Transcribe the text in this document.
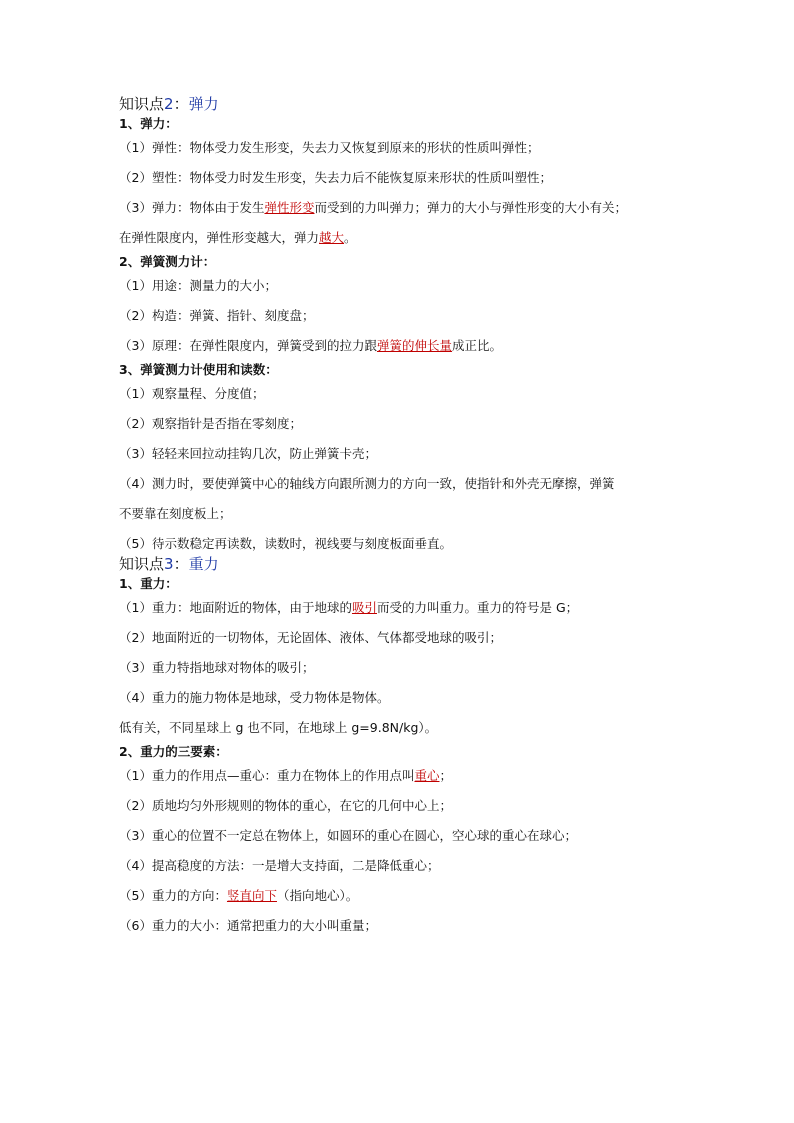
知识点2：弹力
1、弹力：
（1）弹性：物体受力发生形变，失去力又恢复到原来的形状的性质叫弹性；
（2）塑性：物体受力时发生形变，失去力后不能恢复原来形状的性质叫塑性；
（3）弹力：物体由于发生弹性形变而受到的力叫弹力；弹力的大小与弹性形变的大小有关；
在弹性限度内，弹性形变越大，弹力越大。
2、弹簧测力计：
（1）用途：测量力的大小；
（2）构造：弹簧、指针、刻度盘；
（3）原理：在弹性限度内，弹簧受到的拉力跟弹簧的伸长量成正比。
3、弹簧测力计使用和读数：
（1）观察量程、分度值；
（2）观察指针是否指在零刻度；
（3）轻轻来回拉动挂钩几次，防止弹簧卡壳；
（4）测力时，要使弹簧中心的轴线方向跟所测力的方向一致，使指针和外壳无摩擦，弹簧
不要靠在刻度板上；
（5）待示数稳定再读数，读数时，视线要与刻度板面垂直。
知识点3：重力
1、重力：
（1）重力：地面附近的物体，由于地球的吸引而受的力叫重力。重力的符号是 G；
（2）地面附近的一切物体，无论固体、液体、气体都受地球的吸引；
（3）重力特指地球对物体的吸引；
（4）重力的施力物体是地球，受力物体是物体。
低有关，不同星球上 g 也不同，在地球上 g=9.8N/kg）。
2、重力的三要素：
（1）重力的作用点—重心：重力在物体上的作用点叫重心；
（2）质地均匀外形规则的物体的重心，在它的几何中心上；
（3）重心的位置不一定总在物体上，如圆环的重心在圆心，空心球的重心在球心；
（4）提高稳度的方法：一是增大支持面，二是降低重心；
（5）重力的方向：竖直向下（指向地心）。
（6）重力的大小：通常把重力的大小叫重量；
